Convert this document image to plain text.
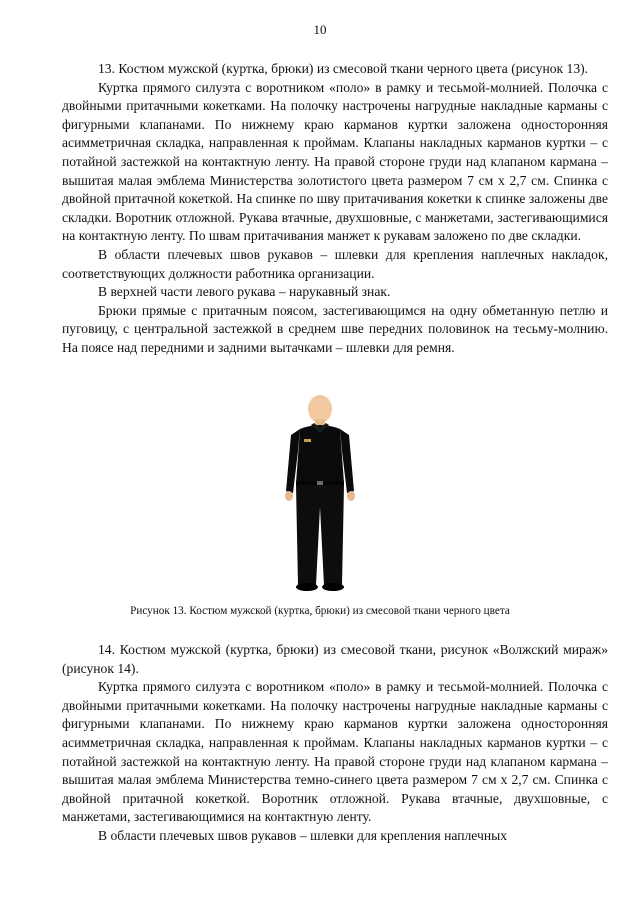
10

13. Костюм мужской (куртка, брюки) из смесовой ткани черного цвета (рисунок 13).

Куртка прямого силуэта с воротником «поло» в рамку и тесьмой-молнией. Полочка с двойными притачными кокетками. На полочку настрочены нагрудные накладные карманы с фигурными клапанами. По нижнему краю карманов куртки заложена односторонняя асимметричная складка, направленная к проймам. Клапаны накладных карманов куртки – с потайной застежкой на контактную ленту. На правой стороне груди над клапаном кармана – вышитая малая эмблема Министерства золотистого цвета размером 7 см х 2,7 см. Спинка с двойной притачной кокеткой. На спинке по шву притачивания кокетки к спинке заложены две складки. Воротник отложной. Рукава втачные, двухшовные, с манжетами, застегивающимися на контактную ленту. По швам притачивания манжет к рукавам заложено по две складки.

В области плечевых швов рукавов – шлевки для крепления наплечных накладок, соответствующих должности работника организации.

В верхней части левого рукава – нарукавный знак.

Брюки прямые с притачным поясом, застегивающимся на одну обметанную петлю и пуговицу, с центральной застежкой в среднем шве передних половинок на тесьму-молнию. На поясе над передними и задними вытачками – шлевки для ремня.

Рисунок 13. Костюм мужской (куртка, брюки) из смесовой ткани черного цвета

14. Костюм мужской (куртка, брюки) из смесовой ткани, рисунок «Волжский мираж» (рисунок 14).

Куртка прямого силуэта с воротником «поло» в рамку и тесьмой-молнией. Полочка с двойными притачными кокетками. На полочку настрочены нагрудные накладные карманы с фигурными клапанами. По нижнему краю карманов куртки заложена односторонняя асимметричная складка, направленная к проймам. Клапаны накладных карманов куртки – с потайной застежкой на контактную ленту. На правой стороне груди над клапаном кармана – вышитая малая эмблема Министерства темно-синего цвета размером 7 см х 2,7 см. Спинка с двойной притачной кокеткой. Воротник отложной. Рукава втачные, двухшовные, с манжетами, застегивающимися на контактную ленту.

В области плечевых швов рукавов – шлевки для крепления наплечных
